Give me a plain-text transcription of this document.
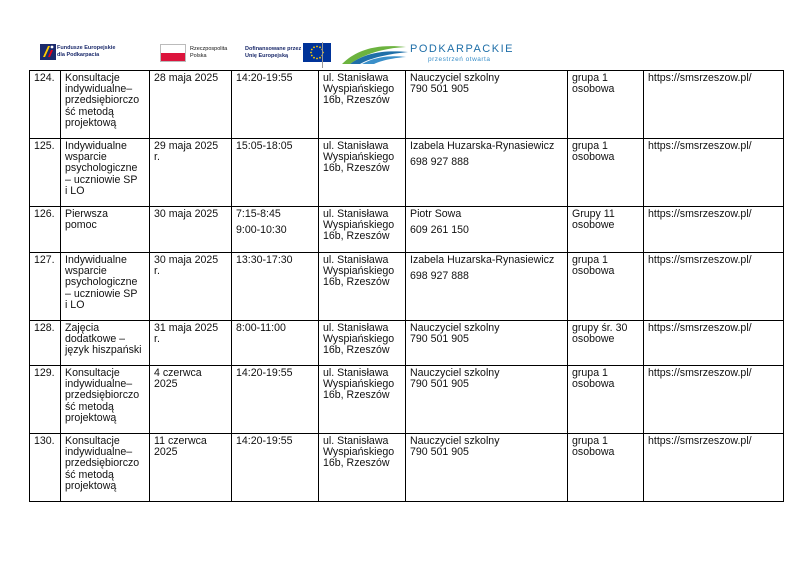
Fundusze Europejskie
dla Podkarpacia
Rzeczpospolita
Polska
Dofinansowane przez
Unię Europejską
PODKARPACKIE
przestrzeń otwarta
124.	Konsultacje
indywidualne–
przedsiębiorczo
ść metodą
projektową	28 maja 2025	14:20-19:55	ul. Stanisława
Wyspiańskiego
16b, Rzeszów	Nauczyciel szkolny
790 501 905	grupa 1
osobowa	https://smsrzeszow.pl/
125.	Indywidualne
wsparcie
psychologiczne
– uczniowie SP
i LO	29 maja 2025
r.	15:05-18:05	ul. Stanisława
Wyspiańskiego
16b, Rzeszów	Izabela Huzarska-Rynasiewicz
698 927 888	grupa 1
osobowa	https://smsrzeszow.pl/
126.	Pierwsza
pomoc	30 maja 2025	7:15-8:45
9:00-10:30	ul. Stanisława
Wyspiańskiego
16b, Rzeszów	Piotr Sowa
609 261 150	Grupy 11
osobowe	https://smsrzeszow.pl/
127.	Indywidualne
wsparcie
psychologiczne
– uczniowie SP
i LO	30 maja 2025
r.	13:30-17:30	ul. Stanisława
Wyspiańskiego
16b, Rzeszów	Izabela Huzarska-Rynasiewicz
698 927 888	grupa 1
osobowa	https://smsrzeszow.pl/
128.	Zajęcia
dodatkowe –
język hiszpański	31 maja 2025
r.	8:00-11:00	ul. Stanisława
Wyspiańskiego
16b, Rzeszów	Nauczyciel szkolny
790 501 905	grupy śr. 30
osobowe	https://smsrzeszow.pl/
129.	Konsultacje
indywidualne–
przedsiębiorczo
ść metodą
projektową	4 czerwca
2025	14:20-19:55	ul. Stanisława
Wyspiańskiego
16b, Rzeszów	Nauczyciel szkolny
790 501 905	grupa 1
osobowa	https://smsrzeszow.pl/
130.	Konsultacje
indywidualne–
przedsiębiorczo
ść metodą
projektową	11 czerwca
2025	14:20-19:55	ul. Stanisława
Wyspiańskiego
16b, Rzeszów	Nauczyciel szkolny
790 501 905	grupa 1
osobowa	https://smsrzeszow.pl/
